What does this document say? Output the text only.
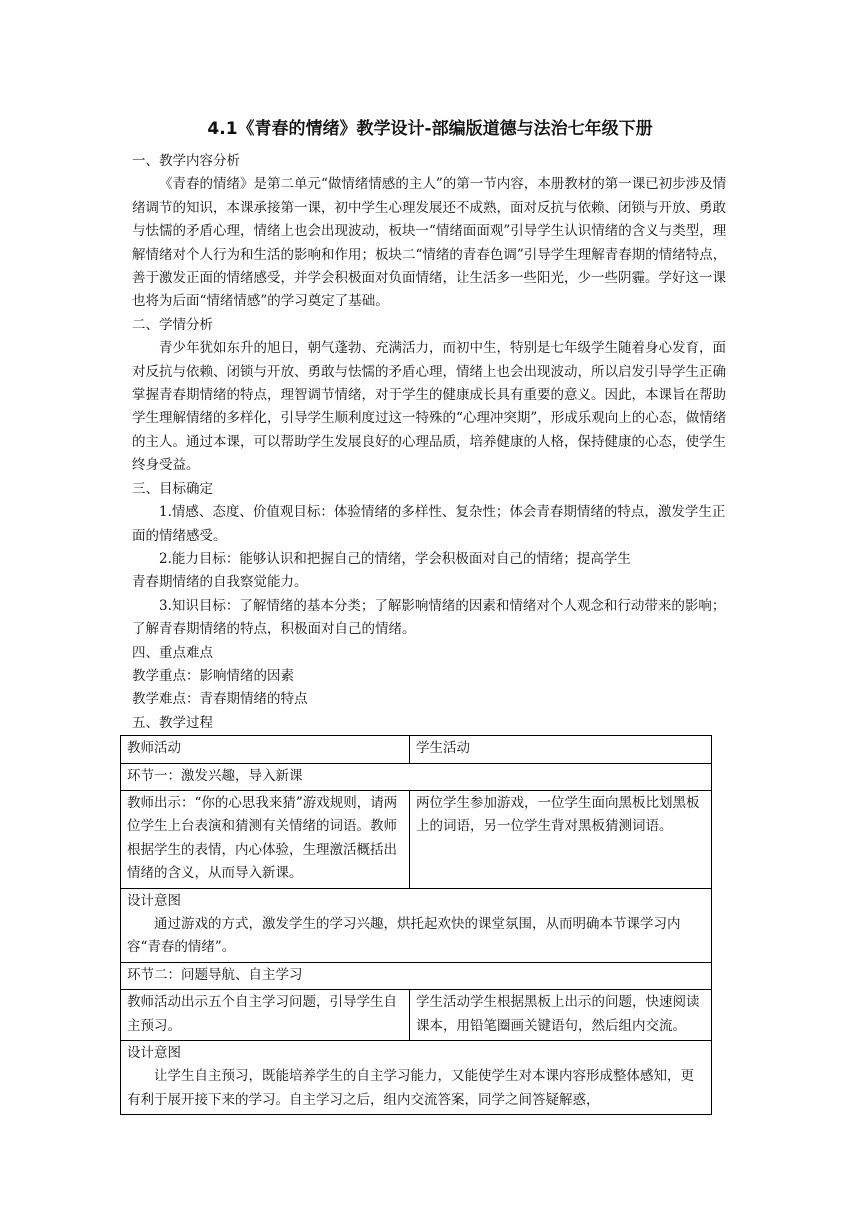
4.1《青春的情绪》教学设计-部编版道德与法治七年级下册

一、教学内容分析

《青春的情绪》是第二单元“做情绪情感的主人”的第一节内容，本册教材的第一课已初步涉及情绪调节的知识，本课承接第一课，初中学生心理发展还不成熟，面对反抗与依赖、闭锁与开放、勇敢与怯懦的矛盾心理，情绪上也会出现波动，板块一“情绪面面观”引导学生认识情绪的含义与类型，理解情绪对个人行为和生活的影响和作用；板块二“情绪的青春色调”引导学生理解青春期的情绪特点，善于激发正面的情绪感受，并学会积极面对负面情绪，让生活多一些阳光，少一些阴霾。学好这一课也将为后面“情绪情感”的学习奠定了基础。

二、学情分析

青少年犹如东升的旭日，朝气蓬勃、充满活力，而初中生，特别是七年级学生随着身心发育，面对反抗与依赖、闭锁与开放、勇敢与怯懦的矛盾心理，情绪上也会出现波动，所以启发引导学生正确掌握青春期情绪的特点，理智调节情绪，对于学生的健康成长具有重要的意义。因此，本课旨在帮助学生理解情绪的多样化，引导学生顺利度过这一特殊的“心理冲突期”，形成乐观向上的心态，做情绪的主人。通过本课，可以帮助学生发展良好的心理品质，培养健康的人格，保持健康的心态，使学生终身受益。

三、目标确定

1.情感、态度、价值观目标：体验情绪的多样性、复杂性；体会青春期情绪的特点，激发学生正面的情绪感受。

2.能力目标：能够认识和把握自己的情绪，学会积极面对自己的情绪；提高学生

青春期情绪的自我察觉能力。

3.知识目标：了解情绪的基本分类；了解影响情绪的因素和情绪对个人观念和行动带来的影响；了解青春期情绪的特点，积极面对自己的情绪。

四、重点难点

教学重点：影响情绪的因素

教学难点：青春期情绪的特点

五、教学过程

教师活动	学生活动
环节一：激发兴趣，导入新课	
教师出示：“你的心思我来猜”游戏规则，请两位学生上台表演和猜测有关情绪的词语。教师根据学生的表情，内心体验，生理激活概括出情绪的含义，从而导入新课。	两位学生参加游戏，一位学生面向黑板比划黑板上的词语，另一位学生背对黑板猜测词语。

设计意图
通过游戏的方式，激发学生的学习兴趣，烘托起欢快的课堂氛围，从而明确本节课学习内容“青春的情绪”。	

环节二：问题导航、自主学习	
教师活动出示五个自主学习问题，引导学生自主预习。	学生活动学生根据黑板上出示的问题，快速阅读课本，用铅笔圈画关键语句，然后组内交流。

设计意图
让学生自主预习，既能培养学生的自主学习能力，又能使学生对本课内容形成整体感知，更有利于展开接下来的学习。自主学习之后，组内交流答案，同学之间答疑解惑，	
